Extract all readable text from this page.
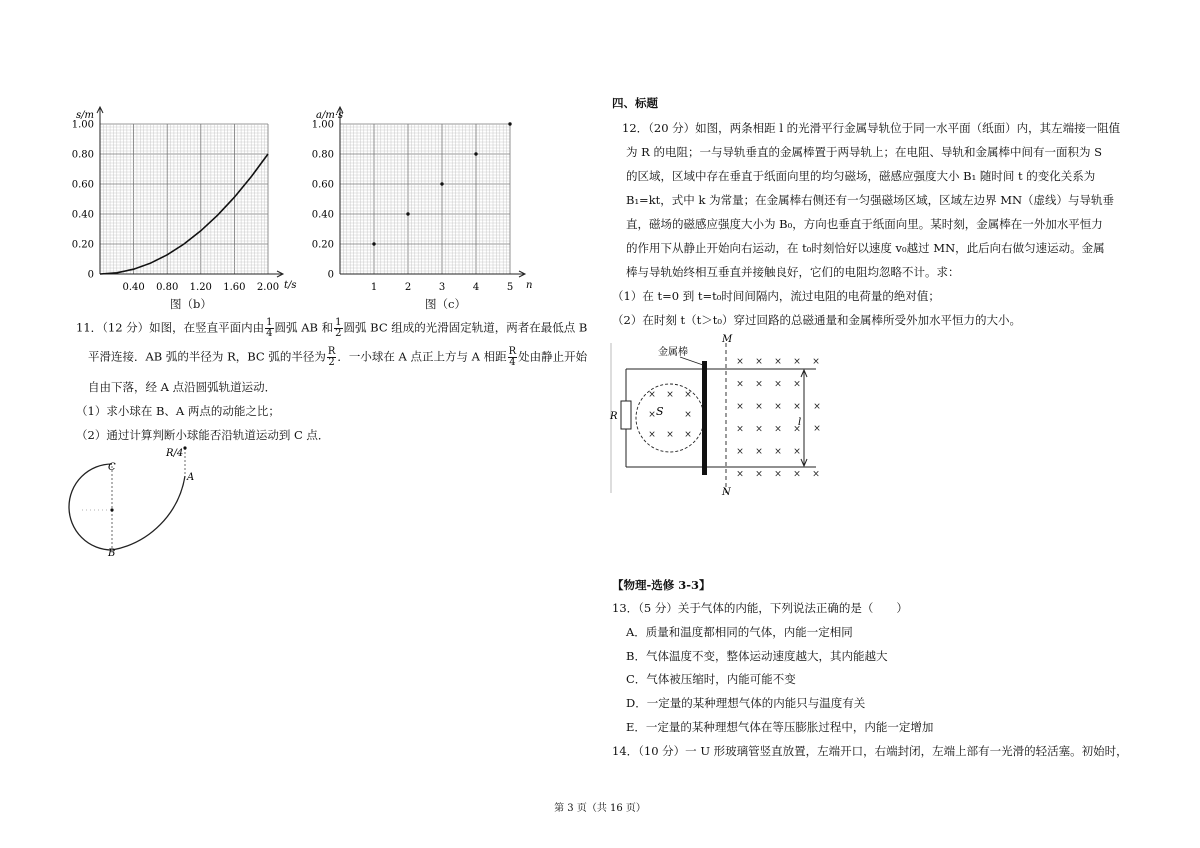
0
0.20
0.40
0.60
0.80
1.00
0.40 0.80 1.20 1.60 2.00
s/m
t/s
图（b）
0
0.20
0.40
0.60
0.80
1.00
1	2	3	4	5
a/m·s
n
图（c）
11．（12 分）如图，在竖直平面内由 $\frac{1}{4}$ 圆弧 AB 和 $\frac{1}{2}$ 圆弧 BC 组成的光滑固定轨道，两者在最低点 B
平滑连接．AB 弧的半径为 R，BC 弧的半径为 $\frac{R}{2}$ ．一小球在 A 点正上方与 A 相距 $\frac{R}{4}$ 处由静止开始
自由下落，经 A 点沿圆弧轨道运动．
（1）求小球在 B、A 两点的动能之比；
（2）通过计算判断小球能否沿轨道运动到 C 点．
C
A
B
R/4
四、标题
12．（20 分）如图，两条相距 l 的光滑平行金属导轨位于同一水平面（纸面）内，其左端接一阻值
为 R 的电阻；一与导轨垂直的金属棒置于两导轨上；在电阻、导轨和金属棒中间有一面积为 S
的区域，区域中存在垂直于纸面向里的均匀磁场，磁感应强度大小 B₁ 随时间 t 的变化关系为
B₁=kt，式中 k 为常量；在金属棒右侧还有一匀强磁场区域，区域左边界 MN（虚线）与导轨垂
直，磁场的磁感应强度大小为 B₀，方向也垂直于纸面向里。某时刻，金属棒在一外加水平恒力
的作用下从静止开始向右运动，在 t₀时刻恰好以速度 v₀越过 MN，此后向右做匀速运动。金属
棒与导轨始终相互垂直并接触良好，它们的电阻均忽略不计。求：
（1）在 t=0 到 t=t₀时间间隔内，流过电阻的电荷量的绝对值；
（2）在时刻 t（t＞t₀）穿过回路的总磁通量和金属棒所受外加水平恒力的大小。
R	S
× × ×
×	×
× × ×
金属棒
M
N
× × × × ×
× × × ×
× × × ×
× × × ×
× × × ×
× × × × ×
×
×
l
【物理-选修 3-3】
13．（5 分）关于气体的内能，下列说法正确的是（　　）
A．质量和温度都相同的气体，内能一定相同
B．气体温度不变，整体运动速度越大，其内能越大
C．气体被压缩时，内能可能不变
D．一定量的某种理想气体的内能只与温度有关
E．一定量的某种理想气体在等压膨胀过程中，内能一定增加
14．（10 分）一 U 形玻璃管竖直放置，左端开口，右端封闭，左端上部有一光滑的轻活塞。初始时，
第 3 页（共 16 页）
